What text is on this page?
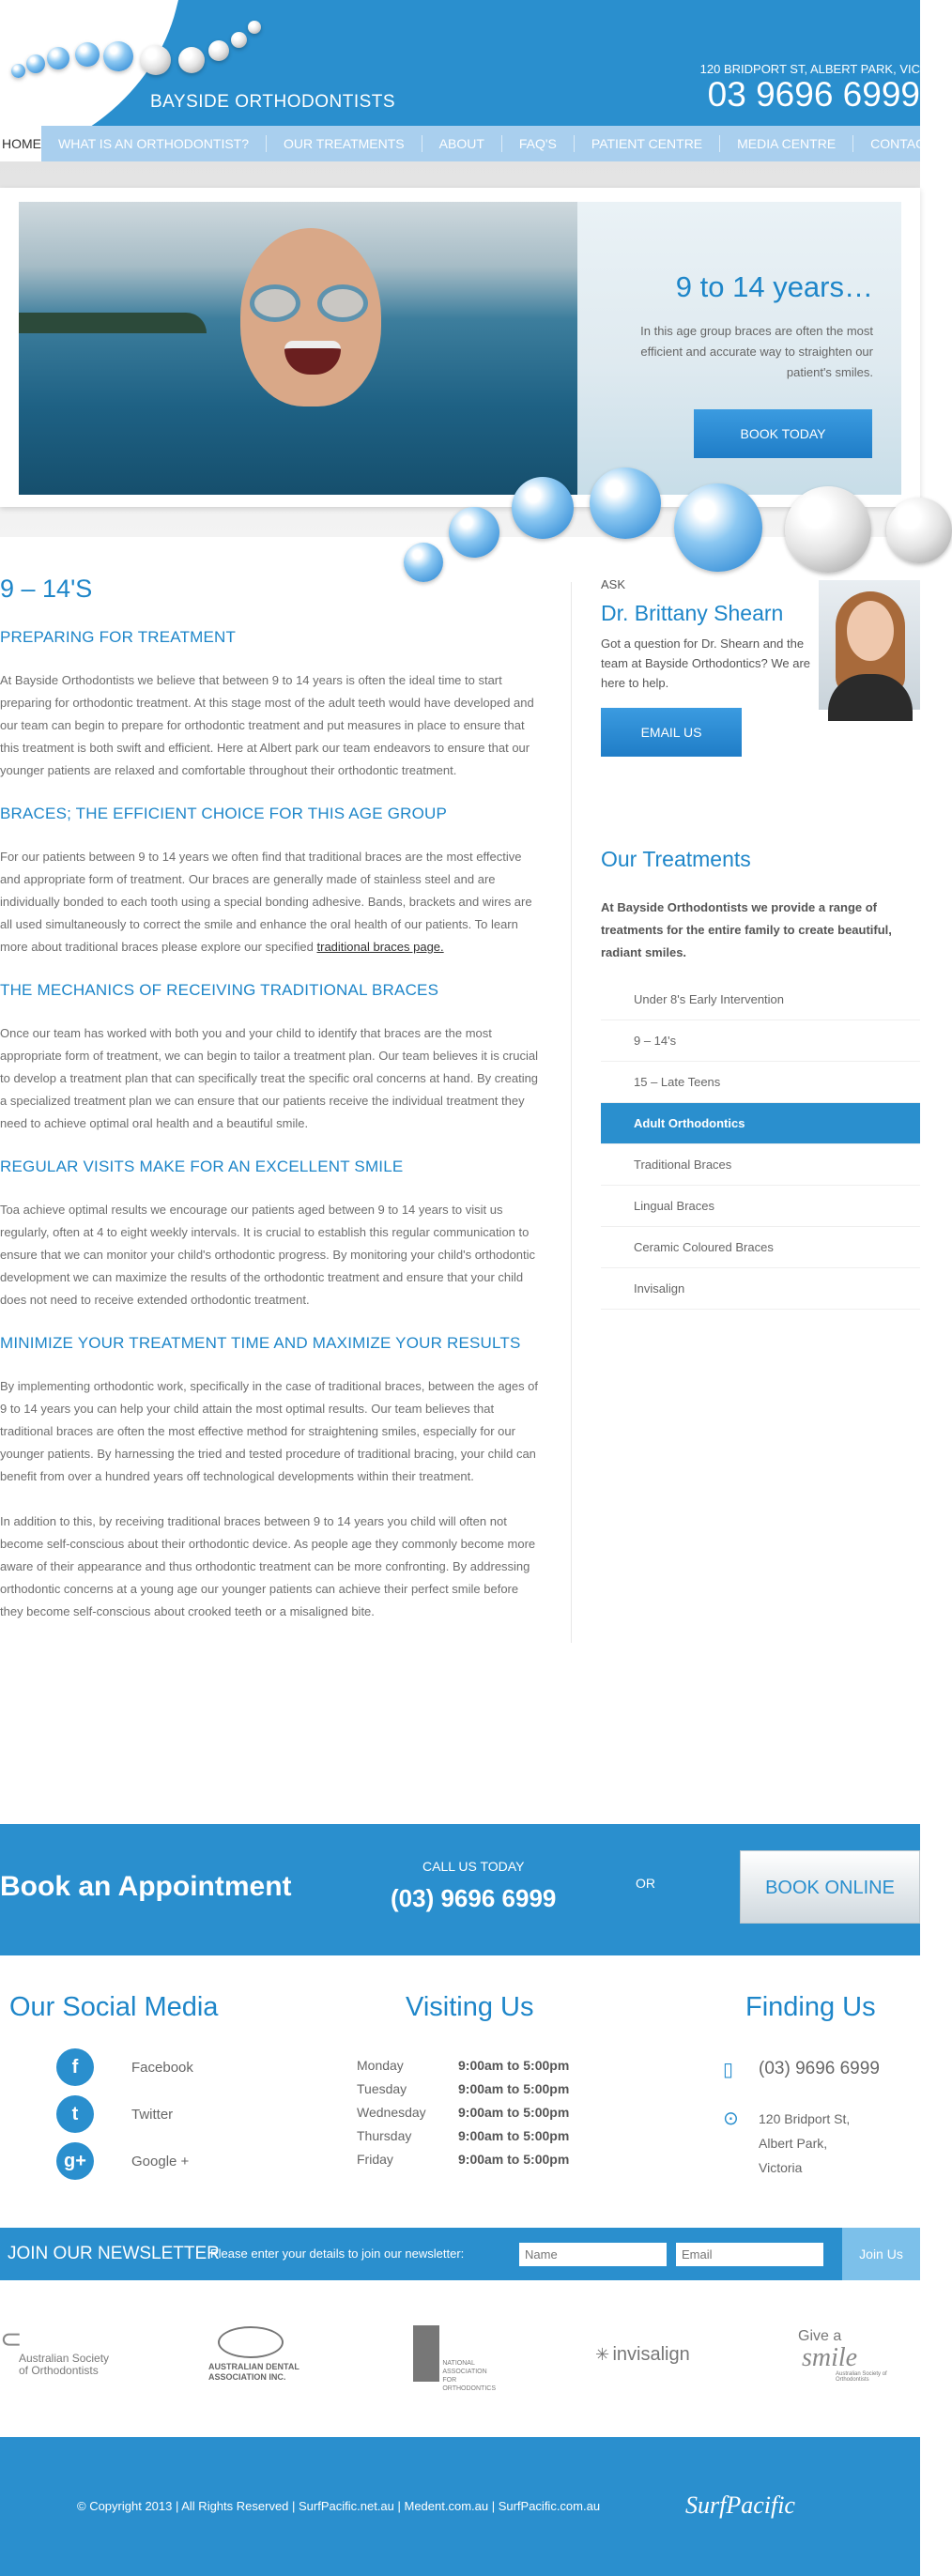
BAYSIDE ORTHODONTISTS
120 BRIDPORT ST, ALBERT PARK, VIC
03 9696 6999
HOME	WHAT IS AN ORTHODONTIST?	OUR TREATMENTS	ABOUT	FAQ'S	PATIENT CENTRE	MEDIA CENTRE	CONTACT
9 to 14 years…
In this age group braces are often the most efficient and accurate way to straighten our patient's smiles.
BOOK TODAY
9 – 14'S
PREPARING FOR TREATMENT

At Bayside Orthodontists we believe that between 9 to 14 years is often the ideal time to start preparing for orthodontic treatment. At this stage most of the adult teeth would have developed and our team can begin to prepare for orthodontic treatment and put measures in place to ensure that this treatment is both swift and efficient. Here at Albert park our team endeavors to ensure that our younger patients are relaxed and comfortable throughout their orthodontic treatment.

BRACES; THE EFFICIENT CHOICE FOR THIS AGE GROUP

For our patients between 9 to 14 years we often find that traditional braces are the most effective and appropriate form of treatment. Our braces are generally made of stainless steel and are individually bonded to each tooth using a special bonding adhesive. Bands, brackets and wires are all used simultaneously to correct the smile and enhance the oral health of our patients. To learn more about traditional braces please explore our specified traditional braces page.

THE MECHANICS OF RECEIVING TRADITIONAL BRACES

Once our team has worked with both you and your child to identify that braces are the most appropriate form of treatment, we can begin to tailor a treatment plan. Our team believes it is crucial to develop a treatment plan that can specifically treat the specific oral concerns at hand. By creating a specialized treatment plan we can ensure that our patients receive the individual treatment they need to achieve optimal oral health and a beautiful smile.

REGULAR VISITS MAKE FOR AN EXCELLENT SMILE

Toa achieve optimal results we encourage our patients aged between 9 to 14 years to visit us regularly, often at 4 to eight weekly intervals. It is crucial to establish this regular communication to ensure that we can monitor your child's orthodontic progress. By monitoring your child's orthodontic development we can maximize the results of the orthodontic treatment and ensure that your child does not need to receive extended orthodontic treatment.

MINIMIZE YOUR TREATMENT TIME AND MAXIMIZE YOUR RESULTS

By implementing orthodontic work, specifically in the case of traditional braces, between the ages of 9 to 14 years you can help your child attain the most optimal results. Our team believes that traditional braces are often the most effective method for straightening smiles, especially for our younger patients. By harnessing the tried and tested procedure of traditional bracing, your child can benefit from over a hundred years off technological developments within their treatment.

In addition to this, by receiving traditional braces between 9 to 14 years you child will often not become self-conscious about their orthodontic device. As people age they commonly become more aware of their appearance and thus orthodontic treatment can be more confronting. By addressing orthodontic concerns at a young age our younger patients can achieve their perfect smile before they become self-conscious about crooked teeth or a misaligned bite.

ASK
Dr. Brittany Shearn
Got a question for Dr. Shearn and the team at Bayside Orthodontics? We are here to help.
EMAIL US
Our Treatments
At Bayside Orthodontists we provide a range of treatments for the entire family to create beautiful, radiant smiles.
Under 8's Early Intervention
9 – 14's
15 – Late Teens
Adult Orthodontics
Traditional Braces
Lingual Braces
Ceramic Coloured Braces
Invisalign
Book an Appointment
CALL US TODAY
(03) 9696 6999
OR	BOOK ONLINE
Our Social Media	Visiting Us	Finding Us
f	Facebook
t	Twitter
g+	Google +
Monday	9:00am to 5:00pm
Tuesday	9:00am to 5:00pm
Wednesday	9:00am to 5:00pm
Thursday	9:00am to 5:00pm
Friday	9:00am to 5:00pm
▯ (03) 9696 6999
⊙ 120 Bridport St,
Albert Park,
Victoria
JOIN OUR NEWSLETTER
Please enter your details to join our newsletter:
Name
Email	Join Us
⊂
Australian Society of Orthodontists	AUSTRALIAN DENTAL ASSOCIATION INC.
NATIONAL ASSOCIATION FOR ORTHODONTICS
✳ invisalign
Give a
smile
Australian Society of Orthodontists
© Copyright 2013 | All Rights Reserved | SurfPacific.net.au | Medent.com.au | SurfPacific.com.au	SurfPacific
